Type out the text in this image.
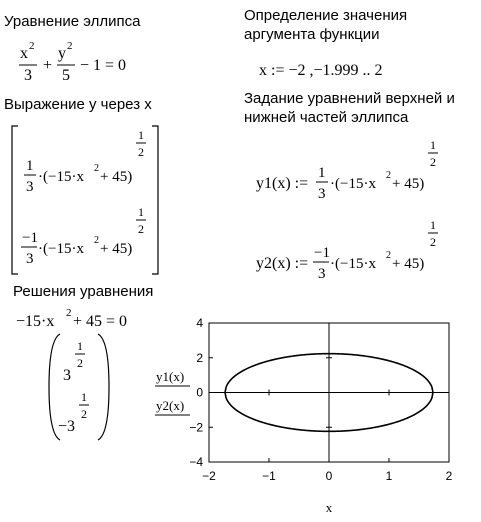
Уравнение эллипса
Выражение у через х
Решения уравнения
Определение значения
аргумента функции
Задание уравнений верхней и
нижней частей эллипса
x 2
3
+
y 2
5
− 1 = 0
1
3
·(−15·x
2
+ 45)
1
2
−1
3
·(−15·x
2
+ 45)
1
2
−15·x 2 + 45 = 0
3
1
2
−3
1
2
x := −2 ,−1.999 .. 2
y1(x) :=
1
3
·(−15·x
2
+ 45)
1
2
y2(x) :=
−1
3
·(−15·x
2
+ 45)
1
2
−2	−1	0	1	2
4
2
0
−2
−4
y1(x)
y2(x)
x
